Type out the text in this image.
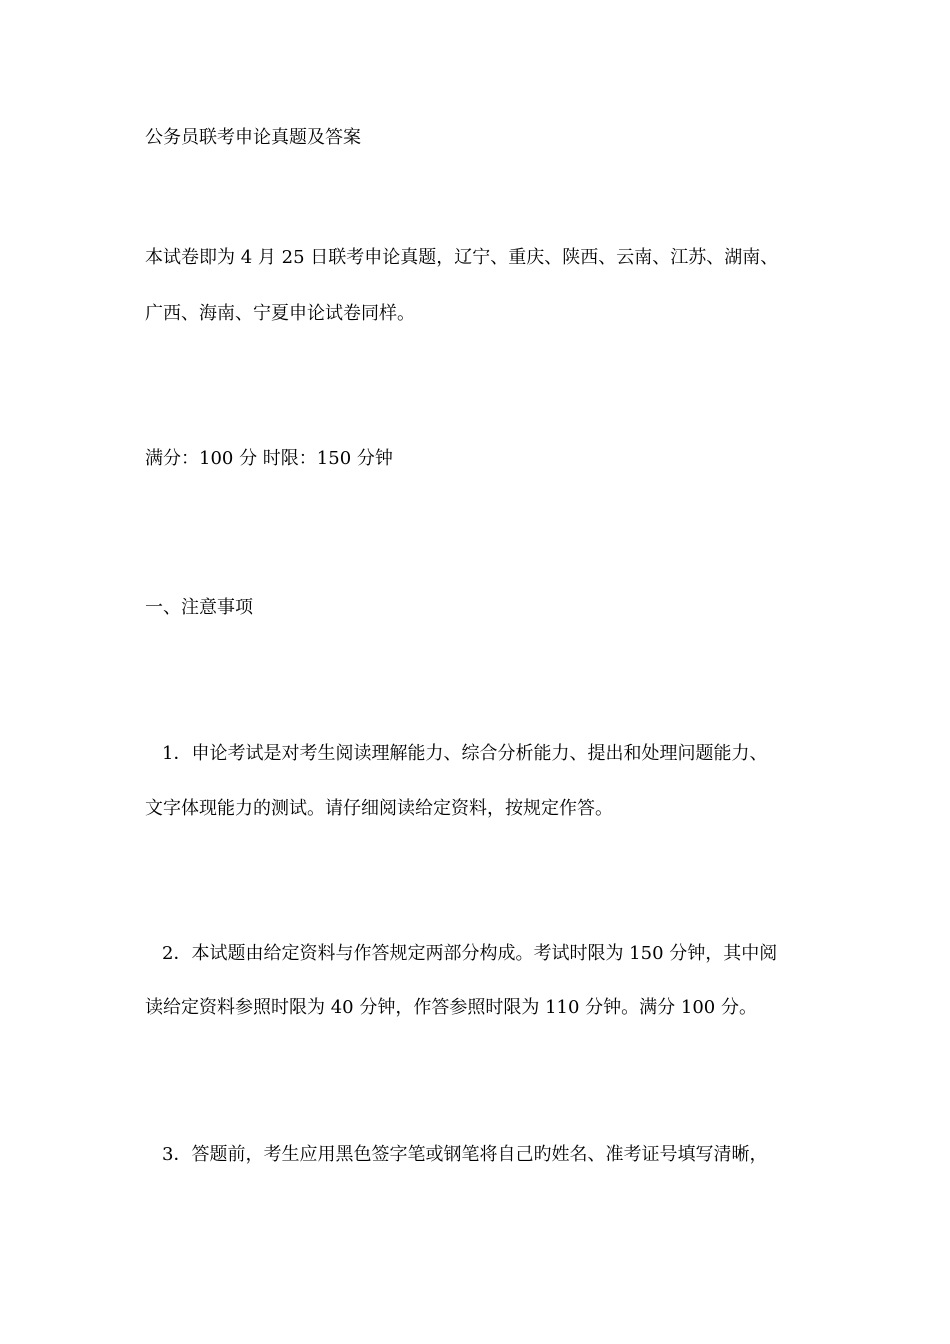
公务员联考申论真题及答案
本试卷即为 4 月 25 日联考申论真题，辽宁、重庆、陕西、云南、江苏、湖南、
广西、海南、宁夏申论试卷同样。
满分：100 分 时限：150 分钟
一、注意事项
1．申论考试是对考生阅读理解能力、综合分析能力、提出和处理问题能力、
文字体现能力的测试。请仔细阅读给定资料，按规定作答。
2．本试题由给定资料与作答规定两部分构成。考试时限为 150 分钟，其中阅
读给定资料参照时限为 40 分钟，作答参照时限为 110 分钟。满分 100 分。
3．答题前，考生应用黑色签字笔或钢笔将自己旳姓名、准考证号填写清晰，
